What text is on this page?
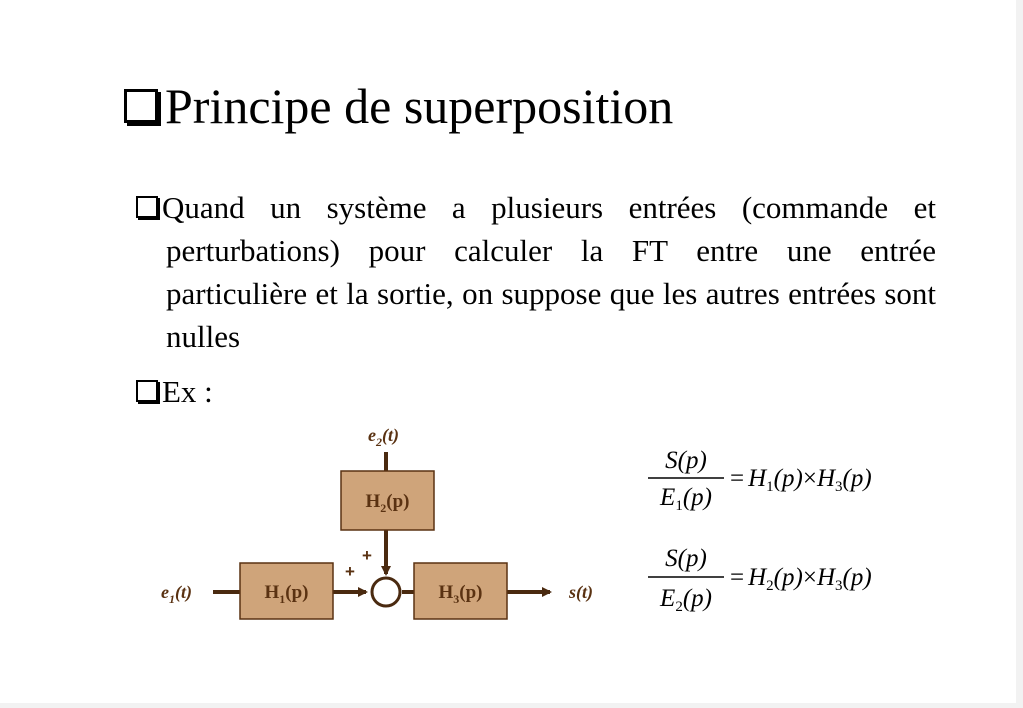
Principe de superposition
Quand un système a plusieurs entrées (commande et perturbations) pour calculer la FT entre une entrée particulière et la sortie, on suppose que les autres entrées sont nulles
Ex :
+
+
$H_1(p)$
$H_2(p)$
$H_3(p)$
$e_1(t)$
$e_2(t)$
s(t)
S(p)
$E_1(p)$
= $H_1(p)\times H_3(p)$
S(p)
$E_2(p)$
= $H_2(p)\times H_3(p)$
